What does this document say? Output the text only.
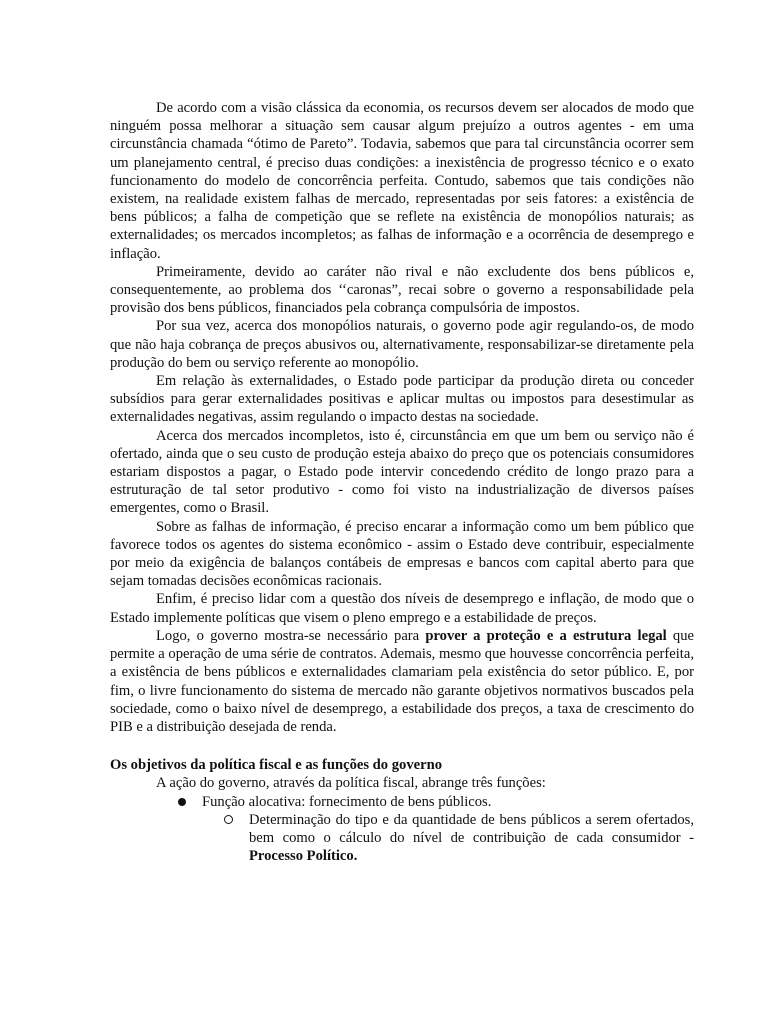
De acordo com a visão clássica da economia, os recursos devem ser alocados de modo que ninguém possa melhorar a situação sem causar algum prejuízo a outros agentes - em uma circunstância chamada “ótimo de Pareto”. Todavia, sabemos que para tal circunstância ocorrer sem um planejamento central, é preciso duas condições: a inexistência de progresso técnico e o exato funcionamento do modelo de concorrência perfeita. Contudo, sabemos que tais condições não existem, na realidade existem falhas de mercado, representadas por seis fatores: a existência de bens públicos; a falha de competição que se reflete na existência de monopólios naturais; as externalidades; os mercados incompletos; as falhas de informação e a ocorrência de desemprego e inflação.

Primeiramente, devido ao caráter não rival e não excludente dos bens públicos e, consequentemente, ao problema dos ‘‘caronas”, recai sobre o governo a responsabilidade pela provisão dos bens públicos, financiados pela cobrança compulsória de impostos.

Por sua vez, acerca dos monopólios naturais, o governo pode agir regulando-os, de modo que não haja cobrança de preços abusivos ou, alternativamente, responsabilizar-se diretamente pela produção do bem ou serviço referente ao monopólio.

Em relação às externalidades, o Estado pode participar da produção direta ou conceder subsídios para gerar externalidades positivas e aplicar multas ou impostos para desestimular as externalidades negativas, assim regulando o impacto destas na sociedade.

Acerca dos mercados incompletos, isto é, circunstância em que um bem ou serviço não é ofertado, ainda que o seu custo de produção esteja abaixo do preço que os potenciais consumidores estariam dispostos a pagar, o Estado pode intervir concedendo crédito de longo prazo para a estruturação de tal setor produtivo - como foi visto na industrialização de diversos países emergentes, como o Brasil.

Sobre as falhas de informação, é preciso encarar a informação como um bem público que favorece todos os agentes do sistema econômico - assim o Estado deve contribuir, especialmente por meio da exigência de balanços contábeis de empresas e bancos com capital aberto para que sejam tomadas decisões econômicas racionais.

Enfim, é preciso lidar com a questão dos níveis de desemprego e inflação, de modo que o Estado implemente políticas que visem o pleno emprego e a estabilidade de preços.

Logo, o governo mostra-se necessário para prover a proteção e a estrutura legal que permite a operação de uma série de contratos. Ademais, mesmo que houvesse concorrência perfeita, a existência de bens públicos e externalidades clamariam pela existência do setor público. E, por fim, o livre funcionamento do sistema de mercado não garante objetivos normativos buscados pela sociedade, como o baixo nível de desemprego, a estabilidade dos preços, a taxa de crescimento do PIB e a distribuição desejada de renda.

Os objetivos da política fiscal e as funções do governo

A ação do governo, através da política fiscal, abrange três funções:

Função alocativa: fornecimento de bens públicos.
Determinação do tipo e da quantidade de bens públicos a serem ofertados, bem como o cálculo do nível de contribuição de cada consumidor - Processo Político.
